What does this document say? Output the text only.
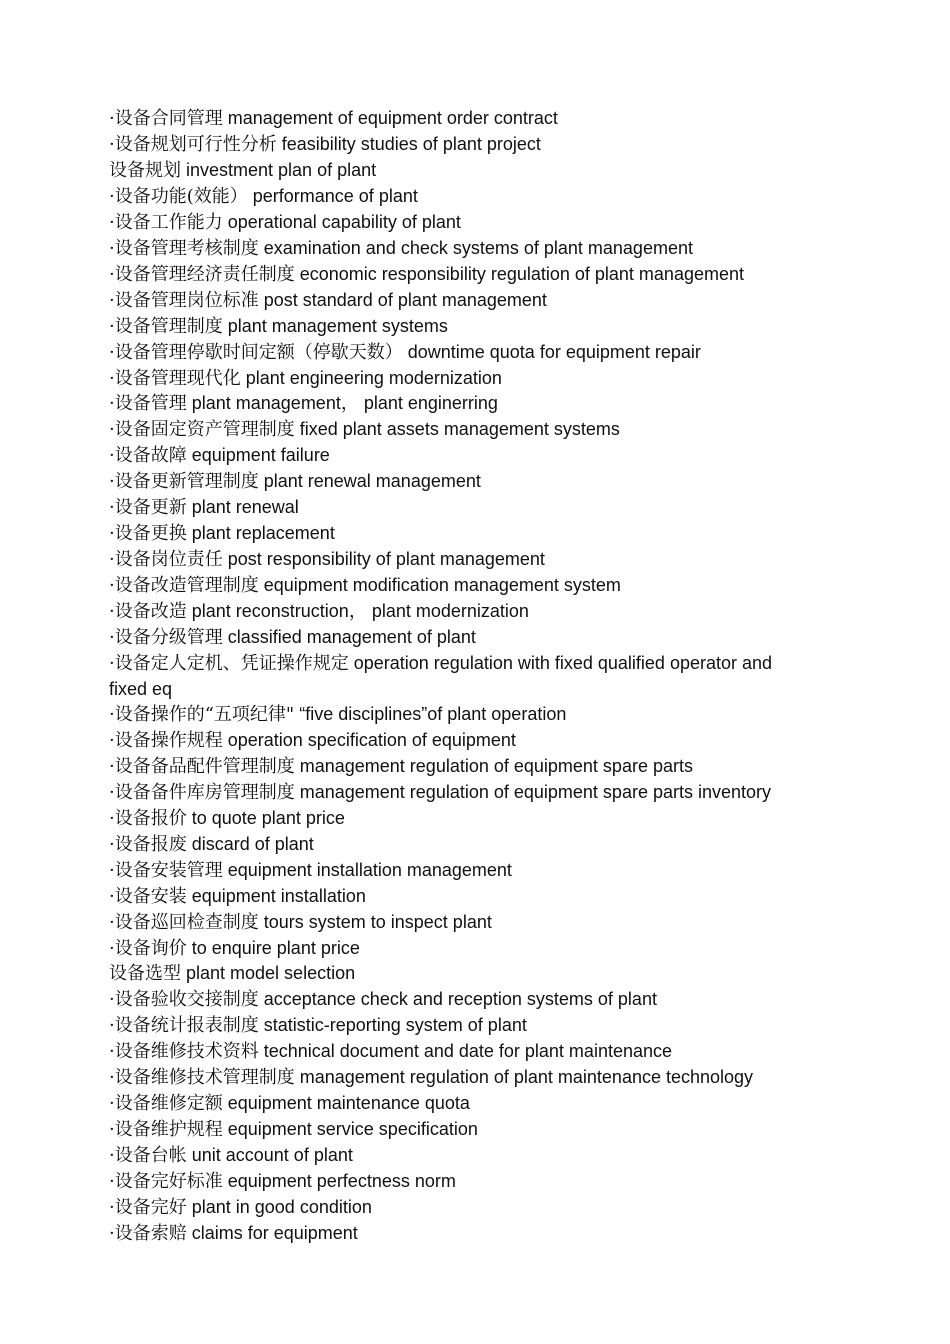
·设备合同管理 management of equipment order contract
·设备规划可行性分析 feasibility studies of plant project
设备规划 investment plan of plant
·设备功能(效能） performance of plant
·设备工作能力 operational capability of plant
·设备管理考核制度 examination and check systems of plant management
·设备管理经济责任制度 economic responsibility regulation of plant management
·设备管理岗位标准 post standard of plant management
·设备管理制度 plant management systems
·设备管理停歇时间定额（停歇天数） downtime quota for equipment repair
·设备管理现代化 plant engineering modernization
·设备管理 plant management， plant enginerring
·设备固定资产管理制度 fixed plant assets management systems
·设备故障 equipment failure
·设备更新管理制度 plant renewal management
·设备更新 plant renewal
·设备更换 plant replacement
·设备岗位责任 post responsibility of plant management
·设备改造管理制度 equipment modification management system
·设备改造 plant reconstruction， plant modernization
·设备分级管理 classified management of plant
·设备定人定机、凭证操作规定 operation regulation with fixed qualified operator and fixed eq
·设备操作的“五项纪律" “five disciplines”of plant operation
·设备操作规程 operation specification of equipment
·设备备品配件管理制度 management regulation of equipment spare parts
·设备备件库房管理制度 management regulation of equipment spare parts inventory
·设备报价 to quote plant price
·设备报废 discard of plant
·设备安装管理 equipment installation management
·设备安装 equipment installation
·设备巡回检查制度 tours system to inspect plant
·设备询价 to enquire plant price
设备选型 plant model selection
·设备验收交接制度 acceptance check and reception systems of plant
·设备统计报表制度 statistic-reporting system of plant
·设备维修技术资料 technical document and date for plant maintenance
·设备维修技术管理制度 management regulation of plant maintenance technology
·设备维修定额 equipment maintenance quota
·设备维护规程 equipment service specification
·设备台帐 unit account of plant
·设备完好标准 equipment perfectness norm
·设备完好 plant in good condition
·设备索赔 claims for equipment
